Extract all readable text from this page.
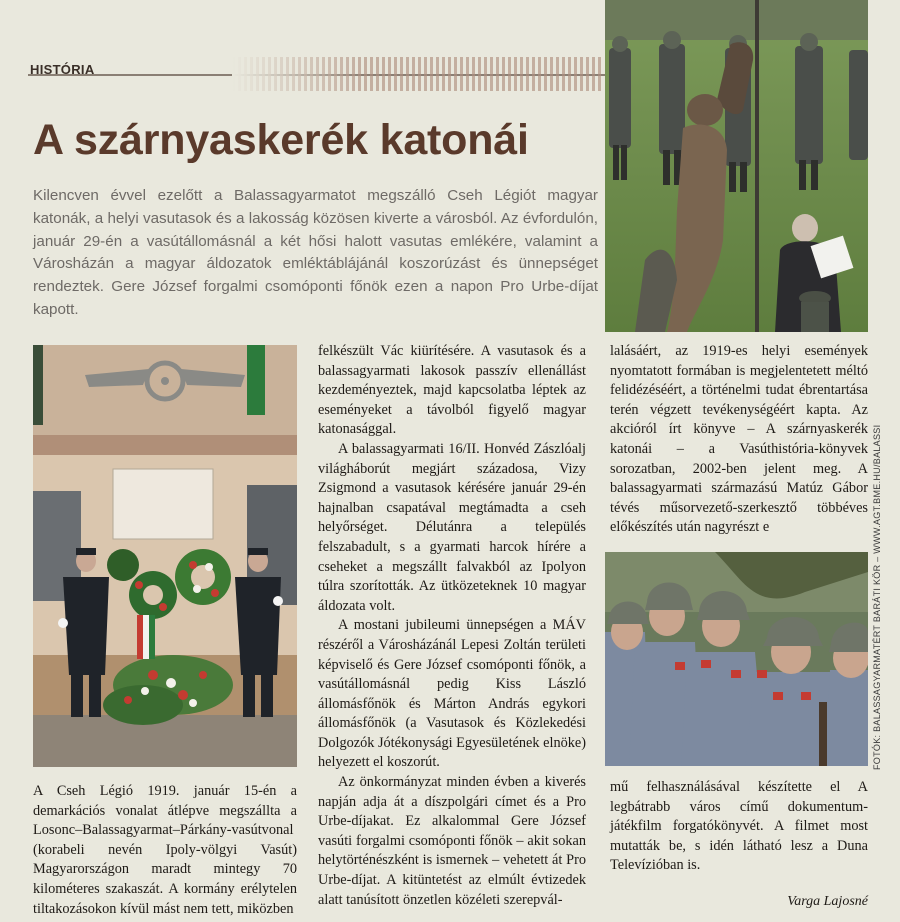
HISTÓRIA
A szárnyaskerék katonái

Kilencven évvel ezelőtt a Balassagyarmatot megszálló Cseh Légiót magyar katonák, a helyi vasutasok és a lakosság közösen kiverte a városból. Az évfordulón, január 29-én a vasútállomásnál a két hősi halott vasutas emlékére, valamint a Városházán a magyar áldozatok emléktáblájánál koszorúzást és ünnepséget rendeztek. Gere József forgalmi csomóponti főnök ezen a napon Pro Urbe-díjat kapott.

A Cseh Légió 1919. január 15-én a demarkációs vonalat átlépve megszállta a Losonc–Balassagyarmat–Párkány-vasútvonal (korabeli nevén Ipoly-völgyi Vasút) Magyarországon maradt mintegy 70 kilométeres szakaszát. A kormány erélytelen tiltakozásokon kívül mást nem tett, miközben

felkészült Vác kiürítésére. A vasutasok és a balassagyarmati lakosok passzív ellenállást kezdeményeztek, majd kapcsolatba léptek az eseményeket a távolból figyelő magyar katonasággal.

A balassagyarmati 16/II. Honvéd Zászlóalj világháborút megjárt századosa, Vizy Zsigmond a vasutasok kérésére január 29-én hajnalban csapatával megtámadta a cseh helyőrséget. Délutánra a település felszabadult, s a gyarmati harcok hírére a cseheket a megszállt falvakból az Ipolyon túlra szorították. Az ütközeteknek 10 magyar áldozata volt.

A mostani jubileumi ünnepségen a MÁV részéről a Városházánál Lepesi Zoltán területi képviselő és Gere József csomóponti főnök, a vasútállomásnál pedig Kiss László állomásfőnök és Márton András egykori állomásfőnök (a Vasutasok és Közlekedési Dolgozók Jótékonysági Egyesületének elnöke) helyezett el koszorút.

Az önkormányzat minden évben a kiverés napján adja át a díszpolgári címet és a Pro Urbe-díjakat. Ez alkalommal Gere József vasúti forgalmi csomóponti főnök – akit sokan helytörténészként is ismernek – vehetett át Pro Urbe-díjat. A kitüntetést az elmúlt évtizedek alatt tanúsított önzetlen közéleti szerepvál-

lalásáért, az 1919-es helyi események nyomtatott formában is megjelentetett méltó felidézéséért, a történelmi tudat ébrentartása terén végzett tevékenységéért kapta. Az akcióról írt könyve – A szárnyaskerék katonái – a Vasúthistória-könyvek sorozatban, 2002-ben jelent meg. A balassagyarmati származású Matúz Gábor tévés műsorvezető-szerkesztő többéves előkészítés után nagyrészt e

mű felhasználásával készítette el A legbátrabb város című dokumentum-játékfilm forgatókönyvét. A filmet most mutatták be, s idén látható lesz a Duna Televízióban is.

FOTÓK: BALASSAGYARMATÉRT BARÁTI KÖR – WWW.AGT.BME.HU/BALASSI
Varga Lajosné
